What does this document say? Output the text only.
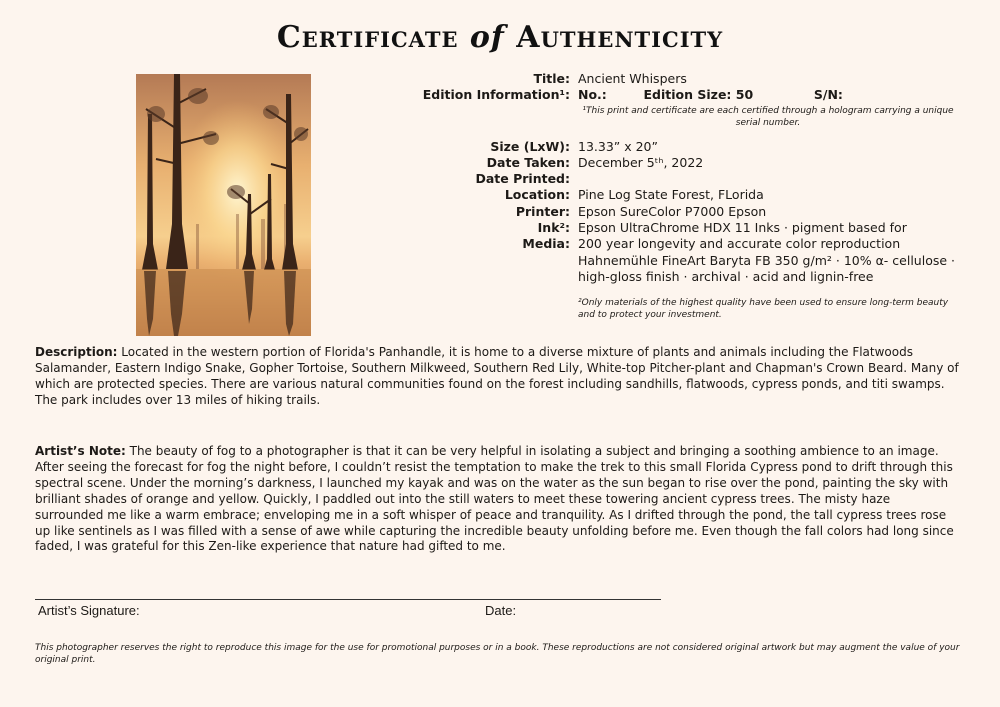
Certificate of Authenticity
Title: Ancient Whispers
Edition Information¹: No.:	Edition Size: 50	S/N:
¹This print and certificate are each certified through a hologram carrying a unique serial number.
Size (LxW): 13.33” x 20”
Date Taken: December 5ᵗʰ, 2022
Date Printed:
Location: Pine Log State Forest, FLorida
Printer: Epson SureColor P7000 Epson
Ink²: Epson UltraChrome HDX 11 Inks · pigment based for
Media: 200 year longevity and accurate color reproduction
Hahnemühle FineArt Baryta FB 350 g/m² · 10% α- cellulose ·
high-gloss finish · archival · acid and lignin-free
²Only materials of the highest quality have been used to ensure long-term beauty and to protect your investment.
Description: Located in the western portion of Florida's Panhandle, it is home to a diverse mixture of plants and animals including the Flatwoods Salamander, Eastern Indigo Snake, Gopher Tortoise, Southern Milkweed, Southern Red Lily, White-top Pitcher-plant and Chapman's Crown Beard. Many of which are protected species. There are various natural communities found on the forest including sandhills, flatwoods, cypress ponds, and titi swamps. The park includes over 13 miles of hiking trails.
Artist’s Note: The beauty of fog to a photographer is that it can be very helpful in isolating a subject and bringing a soothing ambience to an image. After seeing the forecast for fog the night before, I couldn’t resist the temptation to make the trek to this small Florida Cypress pond to drift through this spectral scene. Under the morning’s darkness, I launched my kayak and was on the water as the sun began to rise over the pond, painting the sky with brilliant shades of orange and yellow. Quickly, I paddled out into the still waters to meet these towering ancient cypress trees. The misty haze surrounded me like a warm embrace; enveloping me in a soft whisper of peace and tranquility. As I drifted through the pond, the tall cypress trees rose up like sentinels as I was filled with a sense of awe while capturing the incredible beauty unfolding before me. Even though the fall colors had long since faded, I was grateful for this Zen-like experience that nature had gifted to me.
Artist’s Signature:	Date:
This photographer reserves the right to reproduce this image for the use for promotional purposes or in a book. These reproductions are not considered original artwork but may augment the value of your original print.
